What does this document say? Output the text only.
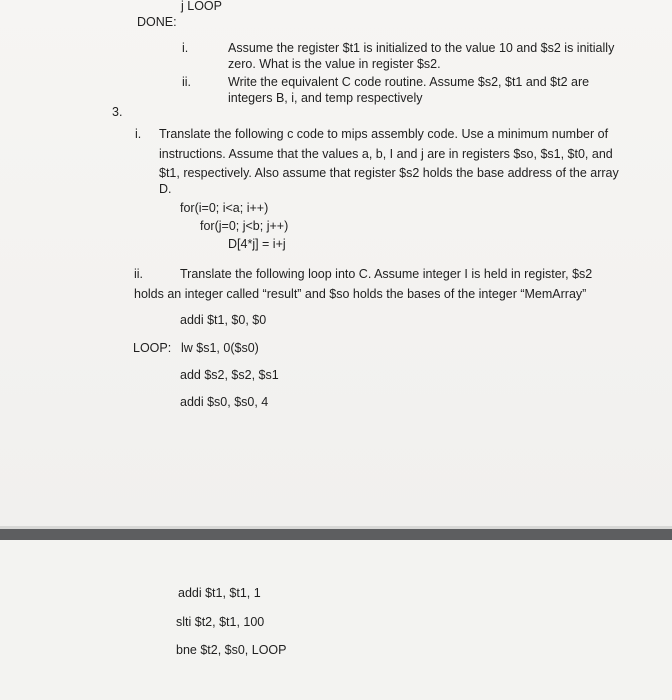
j LOOP
DONE:
i.	Assume the register $t1 is initialized to the value 10 and $s2 is initially
zero. What is the value in register $s2.
ii.	Write the equivalent C code routine. Assume $s2, $t1 and $t2 are
integers B, i, and temp respectively
3.
i. Translate the following c code to mips assembly code. Use a minimum number of
instructions. Assume that the values a, b, I and j are in registers $so, $s1, $t0, and
$t1, respectively. Also assume that register $s2 holds the base address of the array
D.
for(i=0; i<a; i++)
for(j=0; j<b; j++)
D[4*j] = i+j
ii.	Translate the following loop into C. Assume integer I is held in register, $s2
holds an integer called “result” and $so holds the bases of the integer “MemArray”
addi $t1, $0, $0
LOOP: lw $s1, 0($s0)
add $s2, $s2, $s1
addi $s0, $s0, 4
addi $t1, $t1, 1
slti $t2, $t1, 100
bne $t2, $s0, LOOP
